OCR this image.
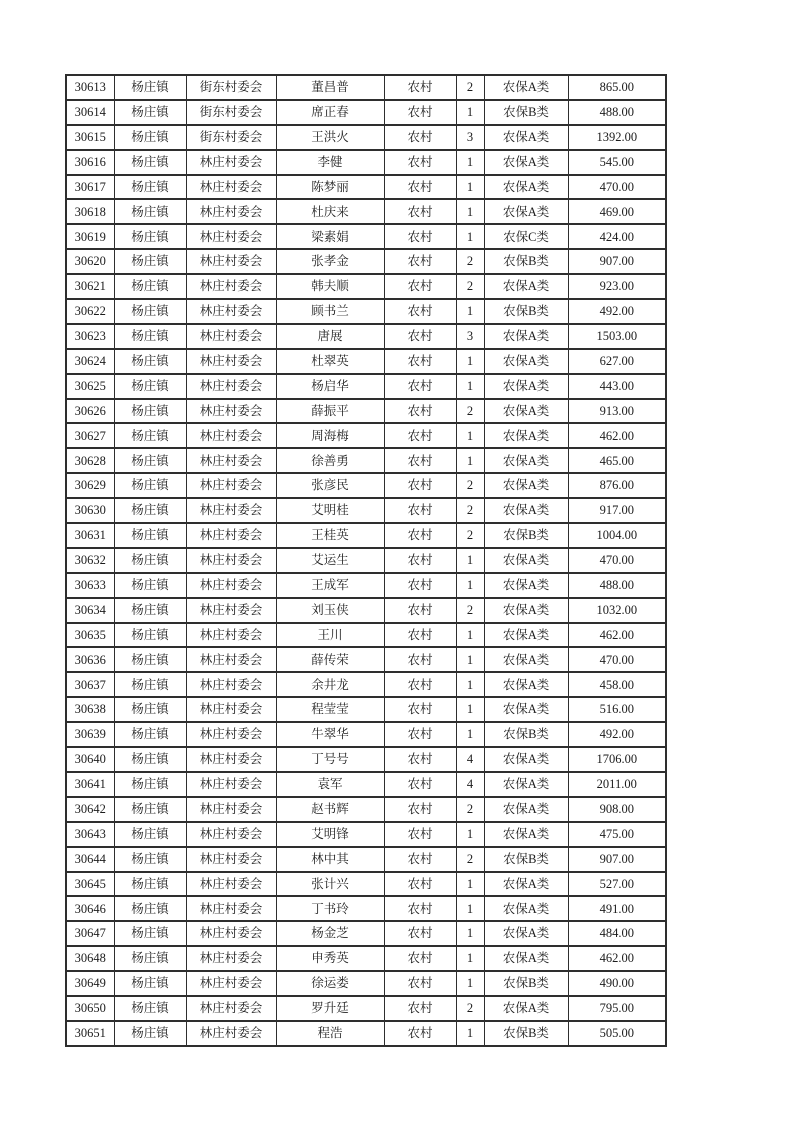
30613	杨庄镇	街东村委会	董昌普	农村	2	农保A类	865.00
30614	杨庄镇	街东村委会	席正春	农村	1	农保B类	488.00
30615	杨庄镇	街东村委会	王洪火	农村	3	农保A类	1392.00
30616	杨庄镇	林庄村委会	李健	农村	1	农保A类	545.00
30617	杨庄镇	林庄村委会	陈梦丽	农村	1	农保A类	470.00
30618	杨庄镇	林庄村委会	杜庆来	农村	1	农保A类	469.00
30619	杨庄镇	林庄村委会	梁素娟	农村	1	农保C类	424.00
30620	杨庄镇	林庄村委会	张孝金	农村	2	农保B类	907.00
30621	杨庄镇	林庄村委会	韩夫顺	农村	2	农保A类	923.00
30622	杨庄镇	林庄村委会	顾书兰	农村	1	农保B类	492.00
30623	杨庄镇	林庄村委会	唐展	农村	3	农保A类	1503.00
30624	杨庄镇	林庄村委会	杜翠英	农村	1	农保A类	627.00
30625	杨庄镇	林庄村委会	杨启华	农村	1	农保A类	443.00
30626	杨庄镇	林庄村委会	薛振平	农村	2	农保A类	913.00
30627	杨庄镇	林庄村委会	周海梅	农村	1	农保A类	462.00
30628	杨庄镇	林庄村委会	徐善勇	农村	1	农保A类	465.00
30629	杨庄镇	林庄村委会	张彦民	农村	2	农保A类	876.00
30630	杨庄镇	林庄村委会	艾明桂	农村	2	农保A类	917.00
30631	杨庄镇	林庄村委会	王桂英	农村	2	农保B类	1004.00
30632	杨庄镇	林庄村委会	艾运生	农村	1	农保A类	470.00
30633	杨庄镇	林庄村委会	王成军	农村	1	农保A类	488.00
30634	杨庄镇	林庄村委会	刘玉侠	农村	2	农保A类	1032.00
30635	杨庄镇	林庄村委会	王川	农村	1	农保A类	462.00
30636	杨庄镇	林庄村委会	薛传荣	农村	1	农保A类	470.00
30637	杨庄镇	林庄村委会	余井龙	农村	1	农保A类	458.00
30638	杨庄镇	林庄村委会	程莹莹	农村	1	农保A类	516.00
30639	杨庄镇	林庄村委会	牛翠华	农村	1	农保B类	492.00
30640	杨庄镇	林庄村委会	丁号号	农村	4	农保A类	1706.00
30641	杨庄镇	林庄村委会	袁军	农村	4	农保A类	2011.00
30642	杨庄镇	林庄村委会	赵书辉	农村	2	农保A类	908.00
30643	杨庄镇	林庄村委会	艾明锋	农村	1	农保A类	475.00
30644	杨庄镇	林庄村委会	林中其	农村	2	农保B类	907.00
30645	杨庄镇	林庄村委会	张计兴	农村	1	农保A类	527.00
30646	杨庄镇	林庄村委会	丁书玲	农村	1	农保A类	491.00
30647	杨庄镇	林庄村委会	杨金芝	农村	1	农保A类	484.00
30648	杨庄镇	林庄村委会	申秀英	农村	1	农保A类	462.00
30649	杨庄镇	林庄村委会	徐运娄	农村	1	农保B类	490.00
30650	杨庄镇	林庄村委会	罗升廷	农村	2	农保A类	795.00
30651	杨庄镇	林庄村委会	程浩	农村	1	农保B类	505.00
